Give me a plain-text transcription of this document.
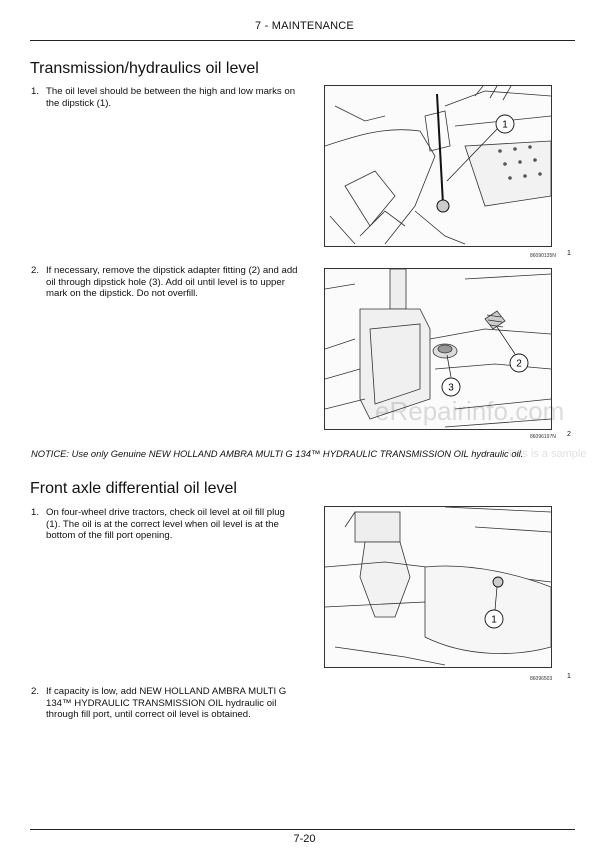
7 - MAINTENANCE
Transmission/hydraulics oil level
1. The oil level should be between the high and low marks on the dipstick (1).
1
86090135N 1
2. If necessary, remove the dipstick adapter fitting (2) and add oil through dipstick hole (3). Add oil until level is to upper mark on the dipstick. Do not overfill.
2
3
86096197N 2
NOTICE: Use only Genuine NEW HOLLAND AMBRA MULTI G 134™ HYDRAULIC TRANSMISSION OIL hydraulic oil.
Front axle differential oil level
1. On four-wheel drive tractors, check oil level at oil fill plug (1). The oil is at the correct level when oil level is at the bottom of the fill port opening.
1
86096503 1
2. If capacity is low, add NEW HOLLAND AMBRA MULTI G 134™ HYDRAULIC TRANSMISSION OIL hydraulic oil through fill port, until correct oil level is obtained.
eRepairinfo.com
This is a sample
7-20
